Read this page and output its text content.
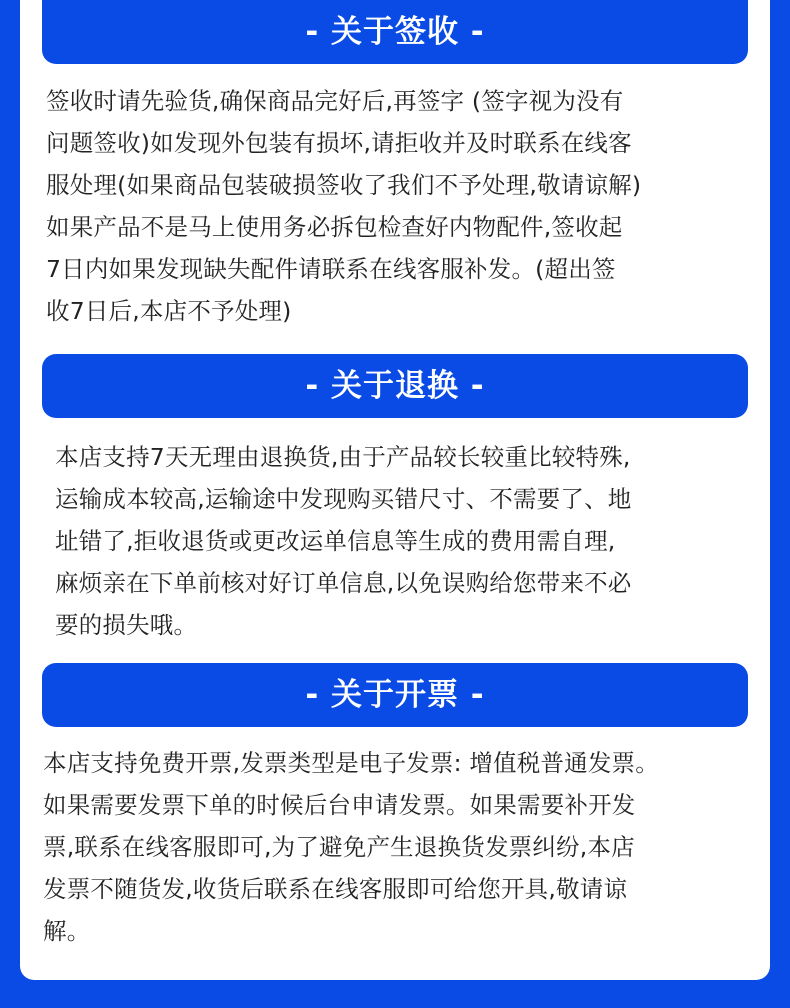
- 关于签收 -
签收时请先验货,确保商品完好后,再签字 (签字视为没有
问题签收)如发现外包装有损坏,请拒收并及时联系在线客
服处理(如果商品包装破损签收了我们不予处理,敬请谅解)
如果产品不是马上使用务必拆包检查好内物配件,签收起
7日内如果发现缺失配件请联系在线客服补发。(超出签
收7日后,本店不予处理)
- 关于退换 -
本店支持7天无理由退换货,由于产品较长较重比较特殊,
运输成本较高,运输途中发现购买错尺寸、不需要了、地
址错了,拒收退货或更改运单信息等生成的费用需自理,
麻烦亲在下单前核对好订单信息,以免误购给您带来不必
要的损失哦。
- 关于开票 -
本店支持免费开票,发票类型是电子发票: 增值税普通发票。
如果需要发票下单的时候后台申请发票。如果需要补开发
票,联系在线客服即可,为了避免产生退换货发票纠纷,本店
发票不随货发,收货后联系在线客服即可给您开具,敬请谅
解。
